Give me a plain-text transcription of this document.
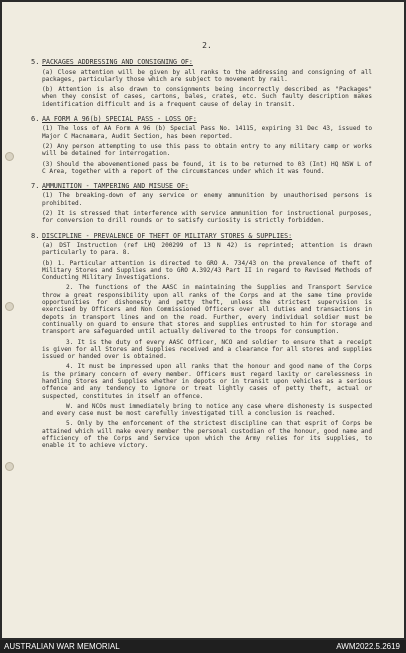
2.
5. PACKAGES ADDRESSING AND CONSIGNING OF:

(a) Close attention will be given by all ranks to the addressing and consigning of all packages, particularly those which are subject to movement by rail.

(b) Attention is also drawn to consignments being incorrectly described as "Packages" when they consist of cases, cartons, bales, crates, etc. Such faulty description makes identification difficult and is a frequent cause of delay in transit.

6. AA FORM A 96(b) SPECIAL PASS - LOSS OF:

(1) The loss of AA Form A 96 (b) Special Pass No. 14115, expiring 31 Dec 43, issued to Major C Macnamara, Audit Section, has been reported.

(2) Any person attempting to use this pass to obtain entry to any military camp or works will be detained for interrogation.

(3) Should the abovementioned pass be found, it is to be returned to 03 (Int) HQ NSW L of C Area, together with a report of the circumstances under which it was found.

7. AMMUNITION - TAMPERING AND MISUSE OF:

(1) The breaking-down of any service or enemy ammunition by unauthorised persons is prohibited.

(2) It is stressed that interference with service ammunition for instructional purposes, for conversion to drill rounds or to satisfy curiosity is strictly forbidden.

8. DISCIPLINE - PREVALENCE OF THEFT OF MILITARY STORES & SUPPLIES:

(a) DST Instruction (ref LHQ 200299 of 13 N 42) is reprinted; attention is drawn particularly to para. 8.

(b) 1. Particular attention is directed to GRO A. 734/43 on the prevalence of theft of Military Stores and Supplies and to GRO A.392/43 Part II in regard to Revised Methods of Conducting Military Investigations.

2. The functions of the AASC in maintaining the Supplies and Transport Service throw a great responsibility upon all ranks of the Corps and at the same time provide opportunities for dishonesty and petty theft, unless the strictest supervision is exercised by Officers and Non Commissioned Officers over all duties and transactions in depots in transport lines and on the road. Further, every individual soldier must be continually on guard to ensure that stores and supplies entrusted to him for storage and transport are safeguarded until actually delivered to the troops for consumption.

3. It is the duty of every AASC Officer, NCO and soldier to ensure that a receipt is given for all Stores and Supplies received and a clearance for all stores and supplies issued or handed over is obtained.

4. It must be impressed upon all ranks that the honour and good name of the Corps is the primary concern of every member. Officers must regard laxity or carelessness in handling Stores and Supplies whether in depots or in transit upon vehicles as a serious offence and any tendency to ignore or treat lightly cases of petty theft, actual or suspected, constitutes in itself an offence.

W. and NCOs must immediately bring to notice any case where dishonesty is suspected and every case must be most carefully investigated till a conclusion is reached.

5. Only by the enforcement of the strictest discipline can that esprit of Corps be attained which will make every member the personal custodian of the honour, good name and efficiency of the Corps and Service upon which the Army relies for its supplies, to enable it to achieve victory.

AUSTRALIAN WAR MEMORIAL	AWM2022.5.2619
